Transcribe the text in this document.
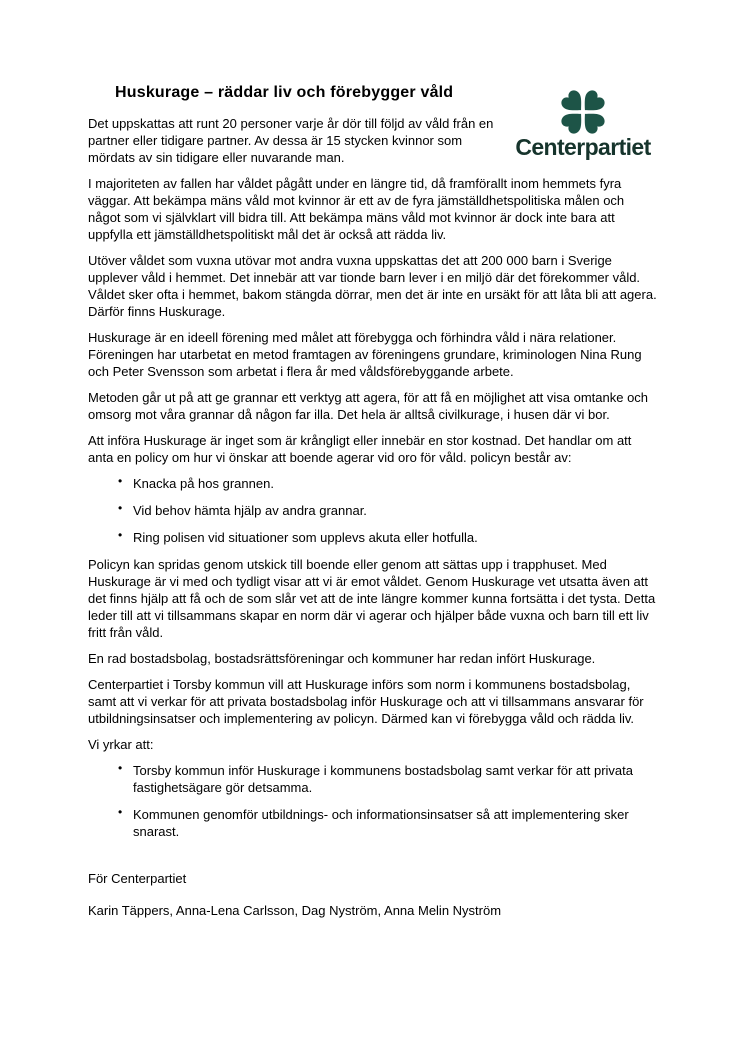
Centerpartiet
Huskurage – räddar liv och förebygger våld

Det uppskattas att runt 20 personer varje år dör till följd av våld från en partner eller tidigare partner. Av dessa är 15 stycken kvinnor som mördats av sin tidigare eller nuvarande man.

I majoriteten av fallen har våldet pågått under en längre tid, då framförallt inom hemmets fyra väggar. Att bekämpa mäns våld mot kvinnor är ett av de fyra jämställdhetspolitiska målen och något som vi självklart vill bidra till. Att bekämpa mäns våld mot kvinnor är dock inte bara att uppfylla ett jämställdhetspolitiskt mål det är också att rädda liv.

Utöver våldet som vuxna utövar mot andra vuxna uppskattas det att 200 000 barn i Sverige upplever våld i hemmet. Det innebär att var tionde barn lever i en miljö där det förekommer våld. Våldet sker ofta i hemmet, bakom stängda dörrar, men det är inte en ursäkt för att låta bli att agera. Därför finns Huskurage.

Huskurage är en ideell förening med målet att förebygga och förhindra våld i nära relationer. Föreningen har utarbetat en metod framtagen av föreningens grundare, kriminologen Nina Rung och Peter Svensson som arbetat i flera år med våldsförebyggande arbete.

Metoden går ut på att ge grannar ett verktyg att agera, för att få en möjlighet att visa omtanke och omsorg mot våra grannar då någon far illa. Det hela är alltså civilkurage, i husen där vi bor.

Att införa Huskurage är inget som är krångligt eller innebär en stor kostnad. Det handlar om att anta en policy om hur vi önskar att boende agerar vid oro för våld. policyn består av:

• Knacka på hos grannen.
• Vid behov hämta hjälp av andra grannar.
• Ring polisen vid situationer som upplevs akuta eller hotfulla.

Policyn kan spridas genom utskick till boende eller genom att sättas upp i trapphuset. Med Huskurage är vi med och tydligt visar att vi är emot våldet. Genom Huskurage vet utsatta även att det finns hjälp att få och de som slår vet att de inte längre kommer kunna fortsätta i det tysta. Detta leder till att vi tillsammans skapar en norm där vi agerar och hjälper både vuxna och barn till ett liv fritt från våld.

En rad bostadsbolag, bostadsrättsföreningar och kommuner har redan infört Huskurage.

Centerpartiet i Torsby kommun vill att Huskurage införs som norm i kommunens bostadsbolag, samt att vi verkar för att privata bostadsbolag inför Huskurage och att vi tillsammans ansvarar för utbildningsinsatser och implementering av policyn. Därmed kan vi förebygga våld och rädda liv.

Vi yrkar att:

• Torsby kommun inför Huskurage i kommunens bostadsbolag samt verkar för att privata fastighetsägare gör detsamma.
• Kommunen genomför utbildnings- och informationsinsatser så att implementering sker snarast.

För Centerpartiet

Karin Täppers, Anna-Lena Carlsson, Dag Nyström, Anna Melin Nyström
